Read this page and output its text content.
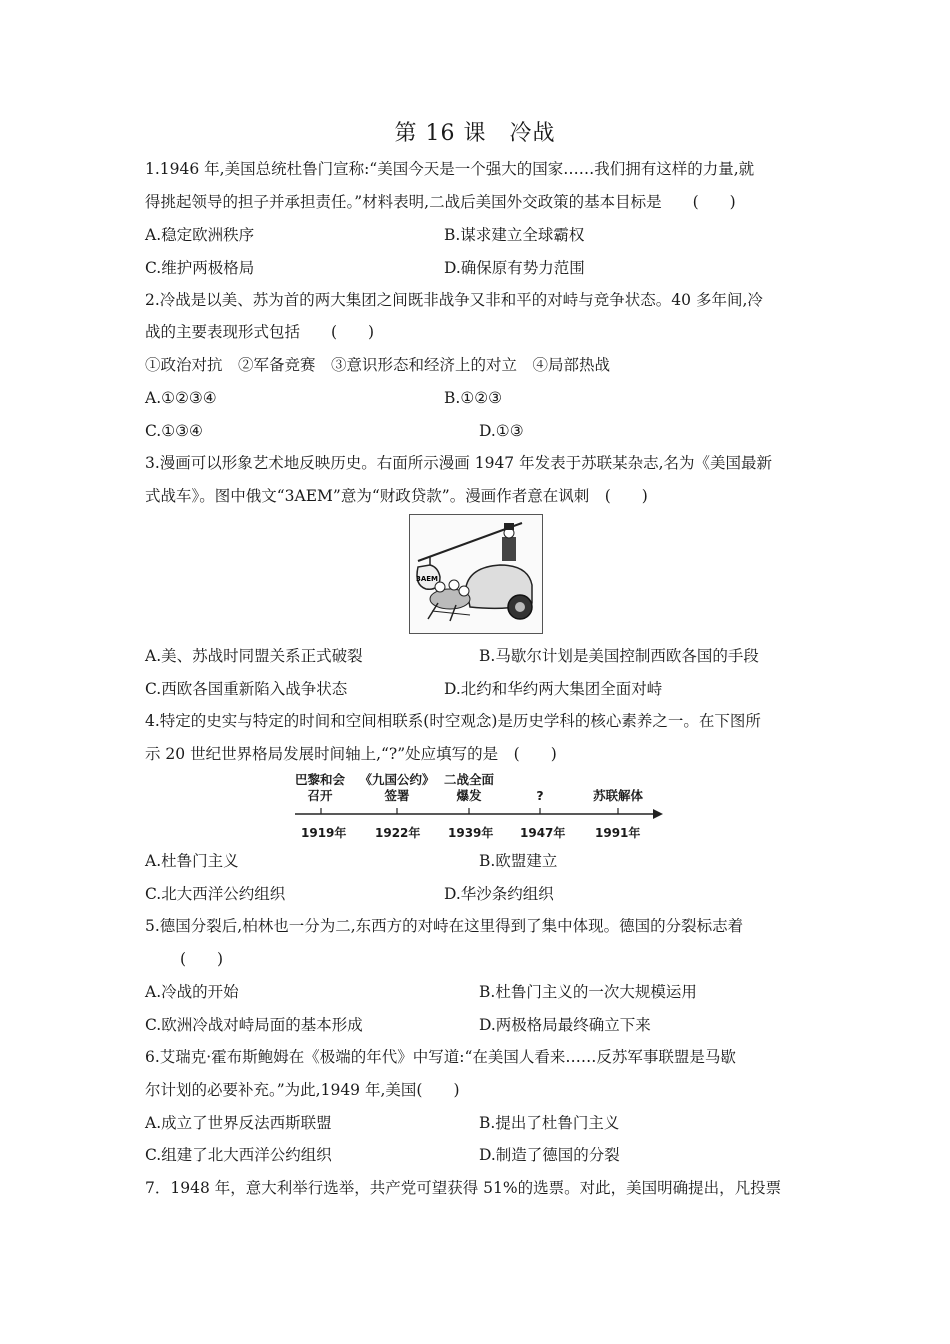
第 16 课　冷战
1.1946 年,美国总统杜鲁门宣称:“美国今天是一个强大的国家……我们拥有这样的力量,就
得挑起领导的担子并承担责任。”材料表明,二战后美国外交政策的基本目标是　　(　　)
A.稳定欧洲秩序	B.谋求建立全球霸权
C.维护两极格局	D.确保原有势力范围
2.冷战是以美、苏为首的两大集团之间既非战争又非和平的对峙与竞争状态。40 多年间,冷
战的主要表现形式包括　　(　　)
①政治对抗　②军备竞赛　③意识形态和经济上的对立　④局部热战
A.①②③④	B.①②③
C.①③④	D.①③
3.漫画可以形象艺术地反映历史。右面所示漫画 1947 年发表于苏联某杂志,名为《美国最新
式战车》。图中俄文“3AEM”意为“财政贷款”。漫画作者意在讽刺　(　　)
3AEM
A.美、苏战时同盟关系正式破裂	B.马歇尔计划是美国控制西欧各国的手段
C.西欧各国重新陷入战争状态	D.北约和华约两大集团全面对峙
4.特定的史实与特定的时间和空间相联系(时空观念)是历史学科的核心素养之一。在下图所
示 20 世纪世界格局发展时间轴上,“?”处应填写的是　(　　)
巴黎和会
召开
《九国公约》
签署
二战全面
爆发
	?
	苏联解体
1919年 1922年 1939年 1947年 1991年
A.杜鲁门主义	B.欧盟建立
C.北大西洋公约组织	D.华沙条约组织
5.德国分裂后,柏林也一分为二,东西方的对峙在这里得到了集中体现。德国的分裂标志着
(　　)
A.冷战的开始	B.杜鲁门主义的一次大规模运用
C.欧洲冷战对峙局面的基本形成	D.两极格局最终确立下来
6.艾瑞克·霍布斯鲍姆在《极端的年代》中写道:“在美国人看来……反苏军事联盟是马歇
尔计划的必要补充。”为此,1949 年,美国(　　)
A.成立了世界反法西斯联盟	B.提出了杜鲁门主义
C.组建了北大西洋公约组织	D.制造了德国的分裂
7．1948 年，意大利举行选举，共产党可望获得 51%的选票。对此，美国明确提出，凡投票
